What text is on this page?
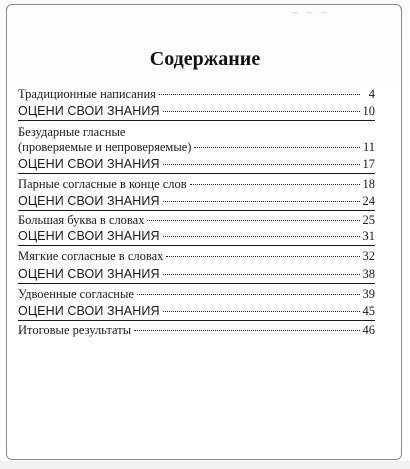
~ ~ ~
Содержание
Традиционные написания	4
ОЦЕНИ СВОИ ЗНАНИЯ	10
Безударные гласные
(проверяемые и непроверяемые)	11
ОЦЕНИ СВОИ ЗНАНИЯ	17
Парные согласные в конце слов	18
ОЦЕНИ СВОИ ЗНАНИЯ	24
Большая буква в словах	25
ОЦЕНИ СВОИ ЗНАНИЯ	31
Мягкие согласные в словах	32
ОЦЕНИ СВОИ ЗНАНИЯ	38
Удвоенные согласные	39
ОЦЕНИ СВОИ ЗНАНИЯ	45
Итоговые результаты	46
